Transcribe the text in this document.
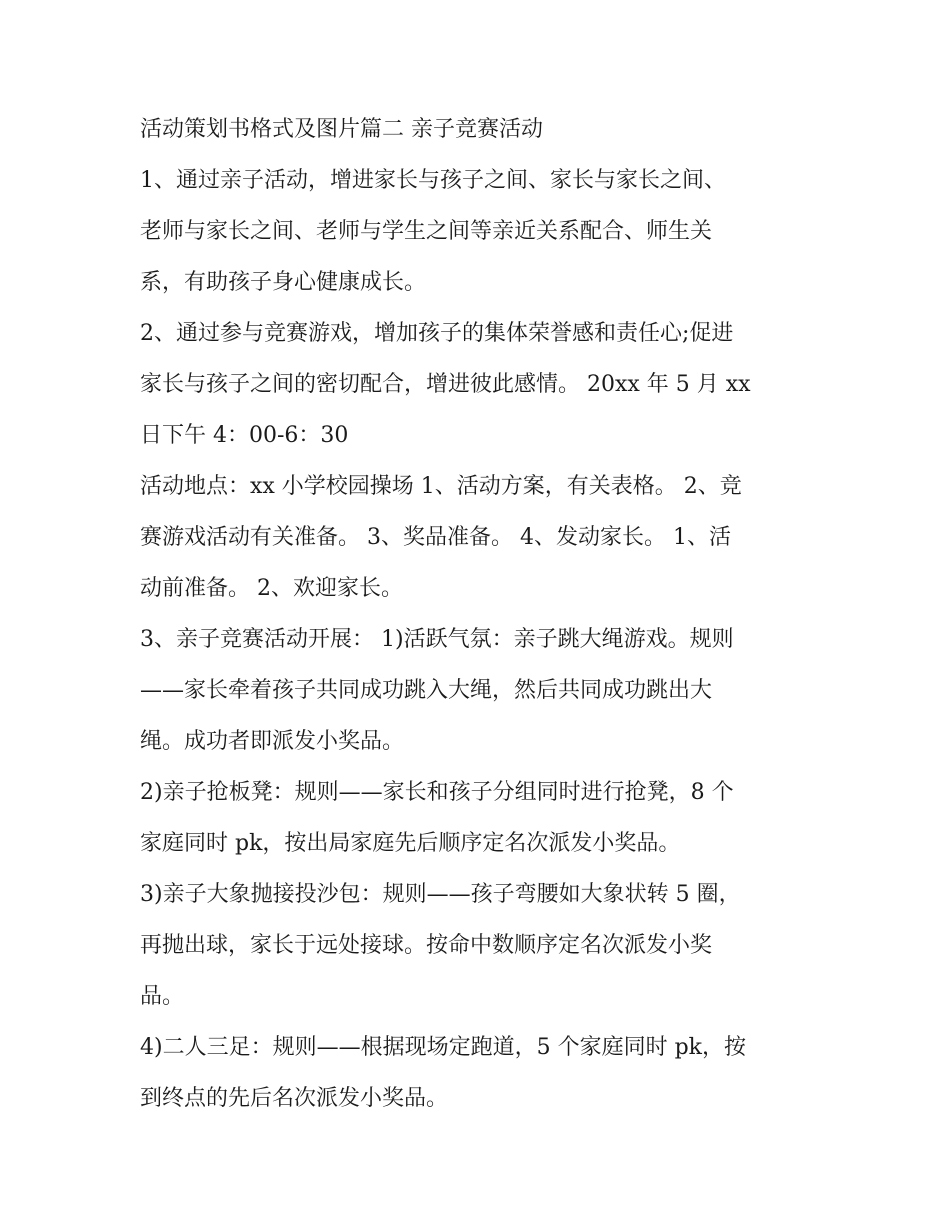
活动策划书格式及图片篇二 亲子竞赛活动
1、通过亲子活动，增进家长与孩子之间、家长与家长之间、
老师与家长之间、老师与学生之间等亲近关系配合、师生关
系，有助孩子身心健康成长。
2、通过参与竞赛游戏，增加孩子的集体荣誉感和责任心;促进
家长与孩子之间的密切配合，增进彼此感情。 20xx 年 5 月 xx
日下午 4：00-6：30
活动地点：xx 小学校园操场 1、活动方案，有关表格。 2、竞
赛游戏活动有关准备。 3、奖品准备。 4、发动家长。 1、活
动前准备。 2、欢迎家长。
3、亲子竞赛活动开展： 1)活跃气氛：亲子跳大绳游戏。规则
——家长牵着孩子共同成功跳入大绳，然后共同成功跳出大
绳。成功者即派发小奖品。
2)亲子抢板凳：规则——家长和孩子分组同时进行抢凳，8 个
家庭同时 pk，按出局家庭先后顺序定名次派发小奖品。
3)亲子大象抛接投沙包：规则——孩子弯腰如大象状转 5 圈，
再抛出球，家长于远处接球。按命中数顺序定名次派发小奖
品。
4)二人三足：规则——根据现场定跑道，5 个家庭同时 pk，按
到终点的先后名次派发小奖品。
